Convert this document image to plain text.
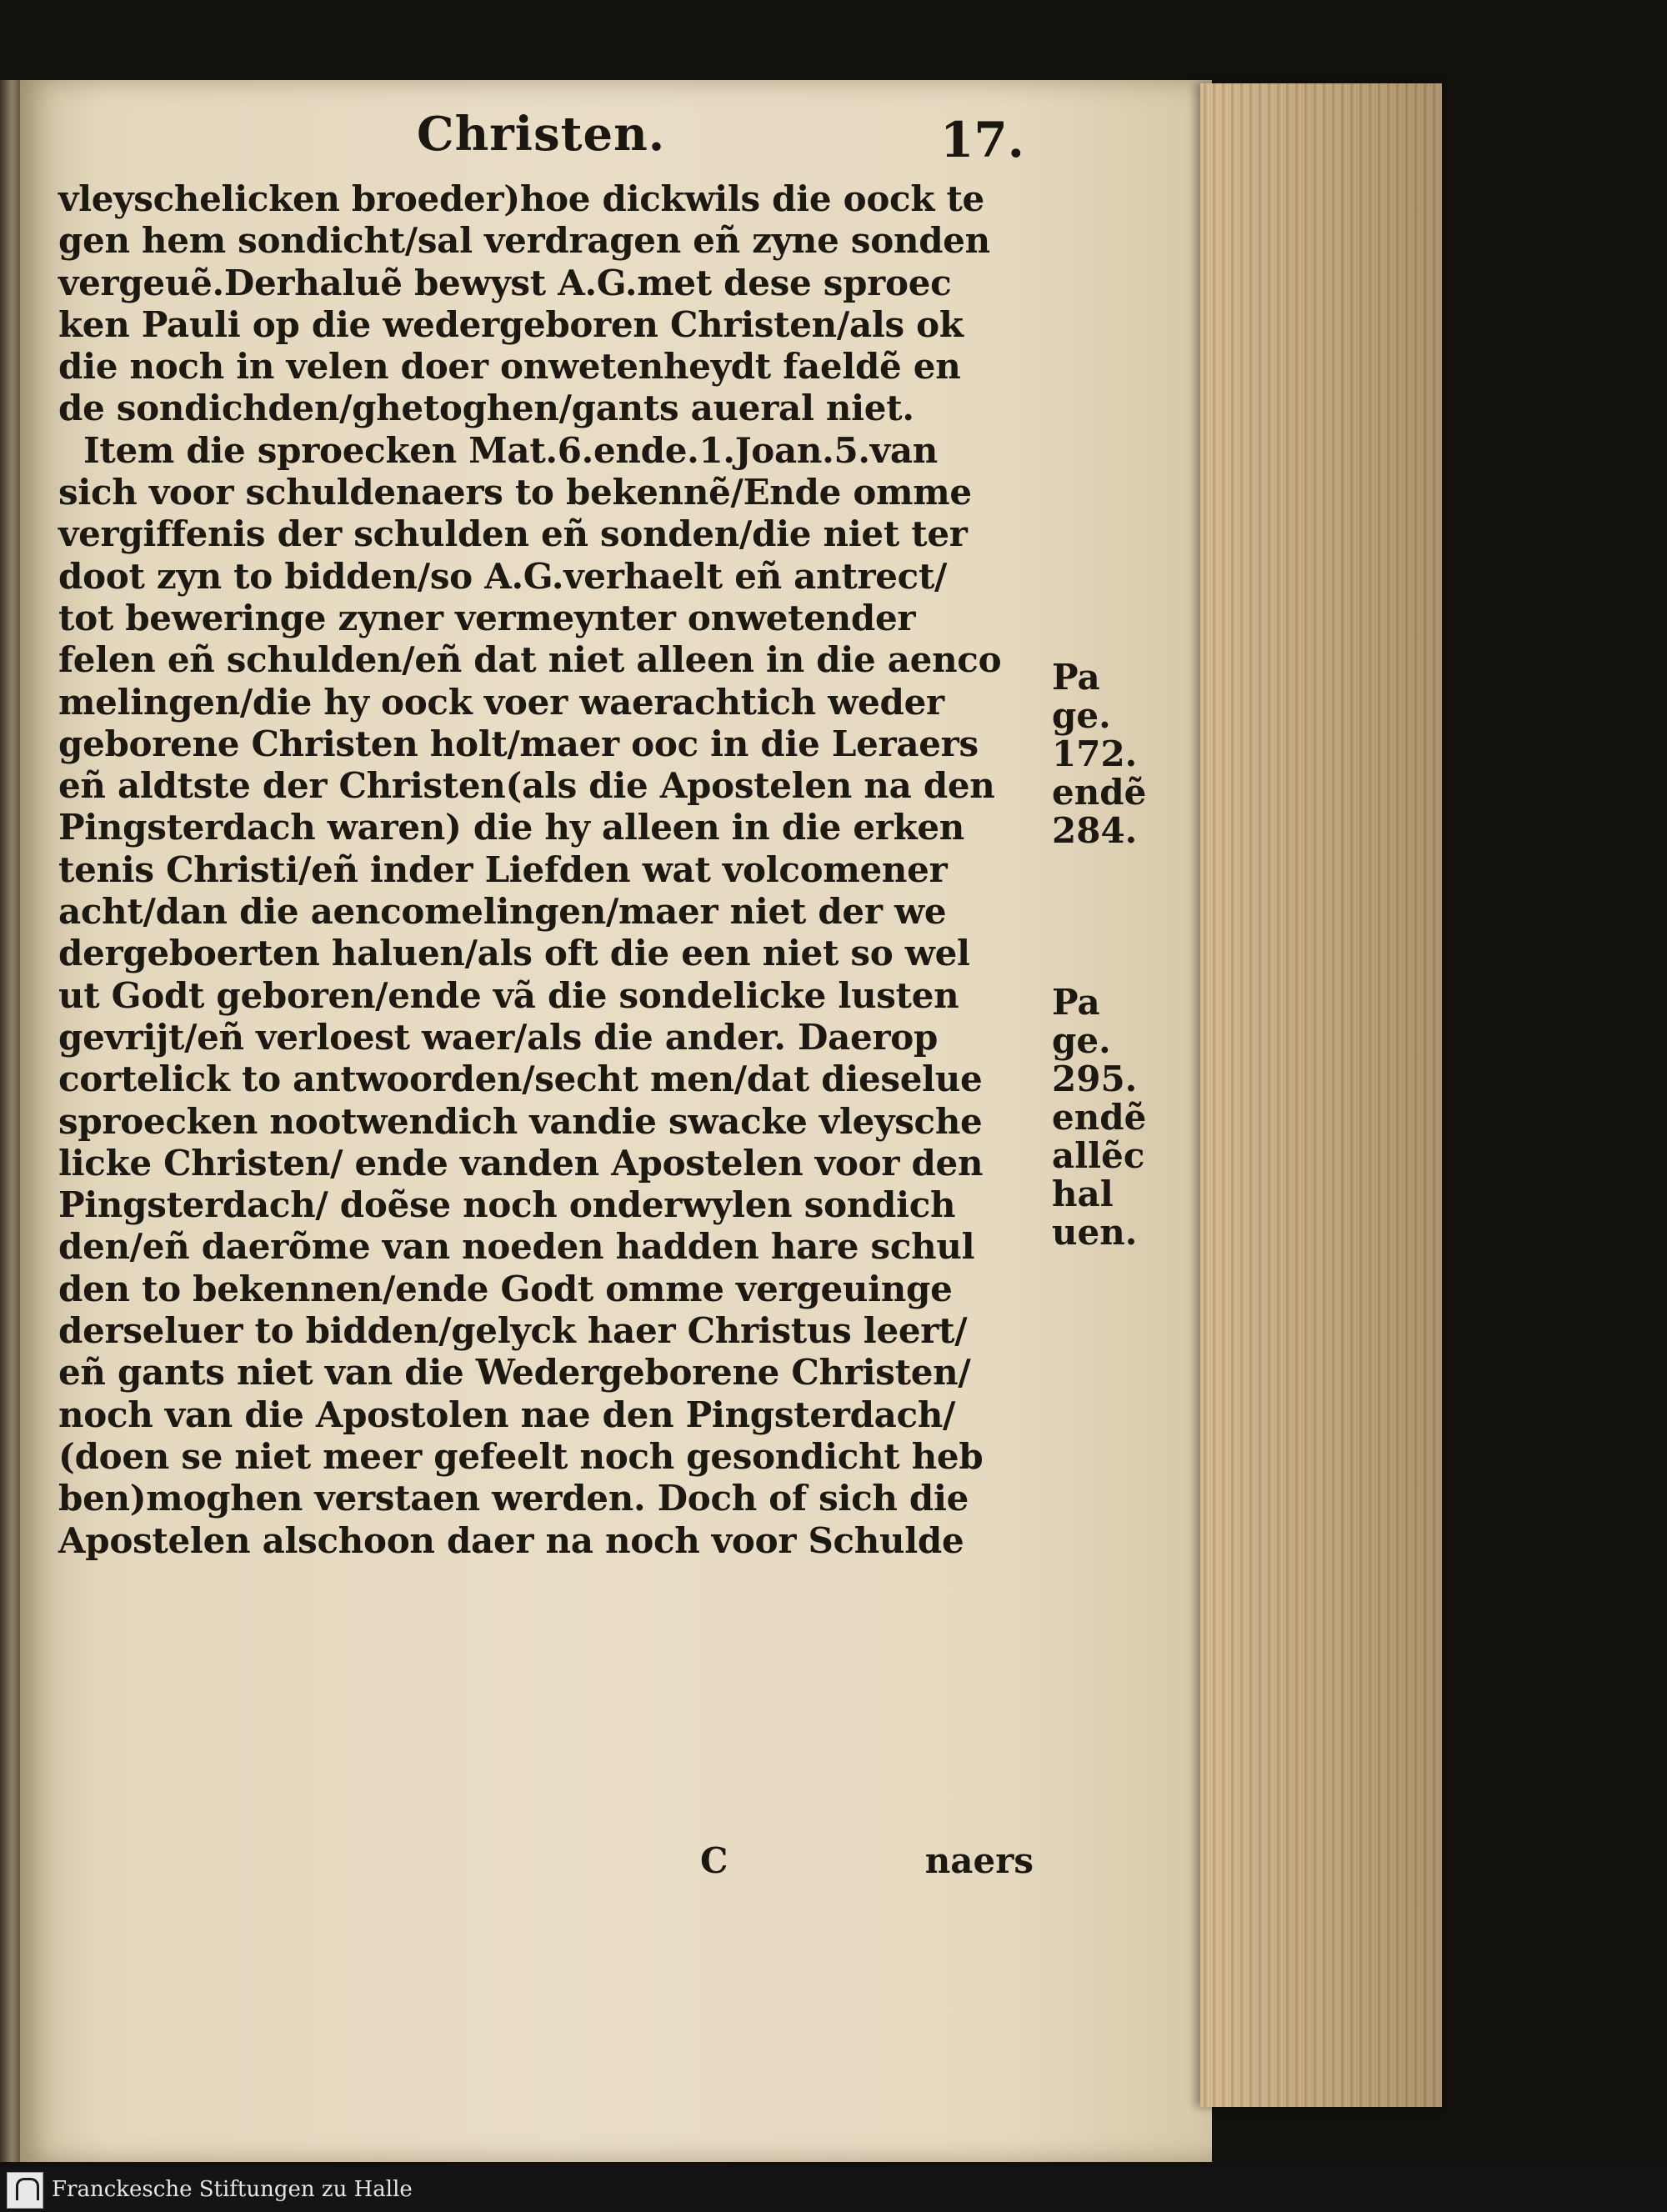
Christen.	17.
vleyschelicken broeder)hoe dickwils die oock te
gen hem sondicht/sal verdragen eñ zyne sonden
vergeuẽ.Derhaluẽ bewyst A.G.met dese sproec
ken Pauli op die wedergeboren Christen/als ok
die noch in velen doer onwetenheydt faeldẽ en
de sondichden/ghetoghen/gants aueral niet.
Item die sproecken Mat.6.ende.1.Joan.5.van
sich voor schuldenaers to bekennẽ/Ende omme
vergiffenis der schulden eñ sonden/die niet ter
doot zyn to bidden/so A.G.verhaelt eñ antrect/
tot beweringe zyner vermeynter onwetender
felen eñ schulden/eñ dat niet alleen in die aenco
melingen/die hy oock voer waerachtich weder
geborene Christen holt/maer ooc in die Leraers
eñ aldtste der Christen(als die Apostelen na den
Pingsterdach waren) die hy alleen in die erken
tenis Christi/eñ inder Liefden wat volcomener
acht/dan die aencomelingen/maer niet der we
dergeboerten haluen/als oft die een niet so wel
ut Godt geboren/ende vã die sondelicke lusten
gevrijt/eñ verloest waer/als die ander. Daerop
cortelick to antwoorden/secht men/dat dieselue
sproecken nootwendich vandie swacke vleysche
licke Christen/ ende vanden Apostelen voor den
Pingsterdach/ doẽse noch onderwylen sondich
den/eñ daerõme van noeden hadden hare schul
den to bekennen/ende Godt omme vergeuinge
derseluer to bidden/gelyck haer Christus leert/
eñ gants niet van die Wedergeborene Christen/
noch van die Apostolen nae den Pingsterdach/
(doen se niet meer gefeelt noch gesondicht heb
ben)moghen verstaen werden. Doch of sich die
Apostelen alschoon daer na noch voor Schulde
Pa
ge.
172.
endẽ
284.
Pa
ge.
295.
endẽ
allẽc
hal
uen.
C	naers
Franckesche Stiftungen zu Halle
